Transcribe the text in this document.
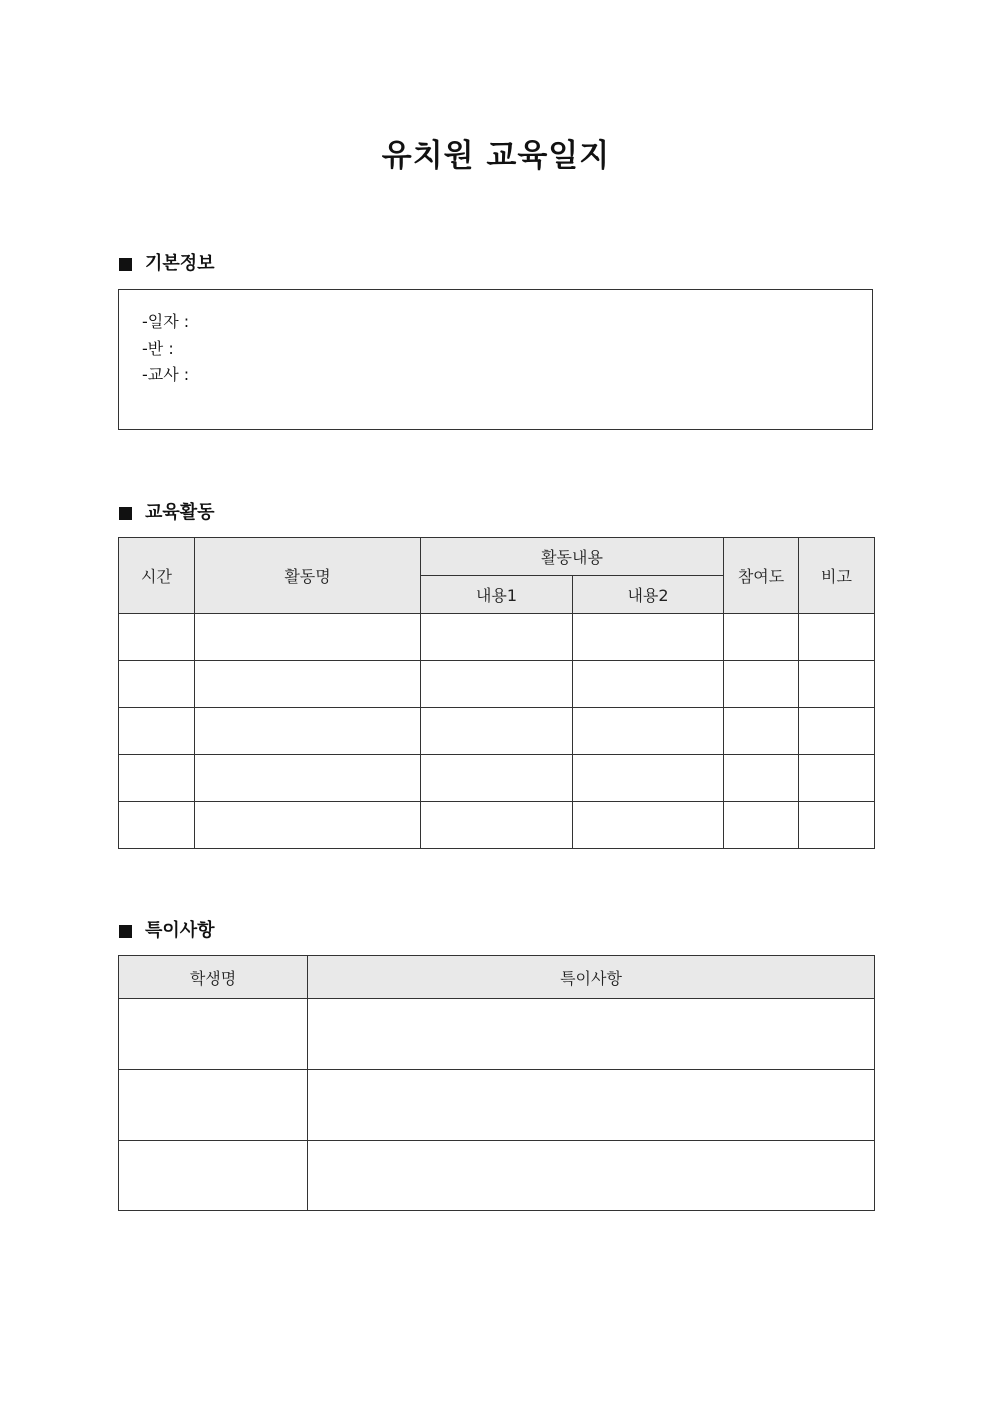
유치원 교육일지
기본정보
-일자 :
-반 :
-교사 :
교육활동
시간	활동명	활동내용		참여도	비고
		내용1	내용2		

특이사항
학생명	특이사항
